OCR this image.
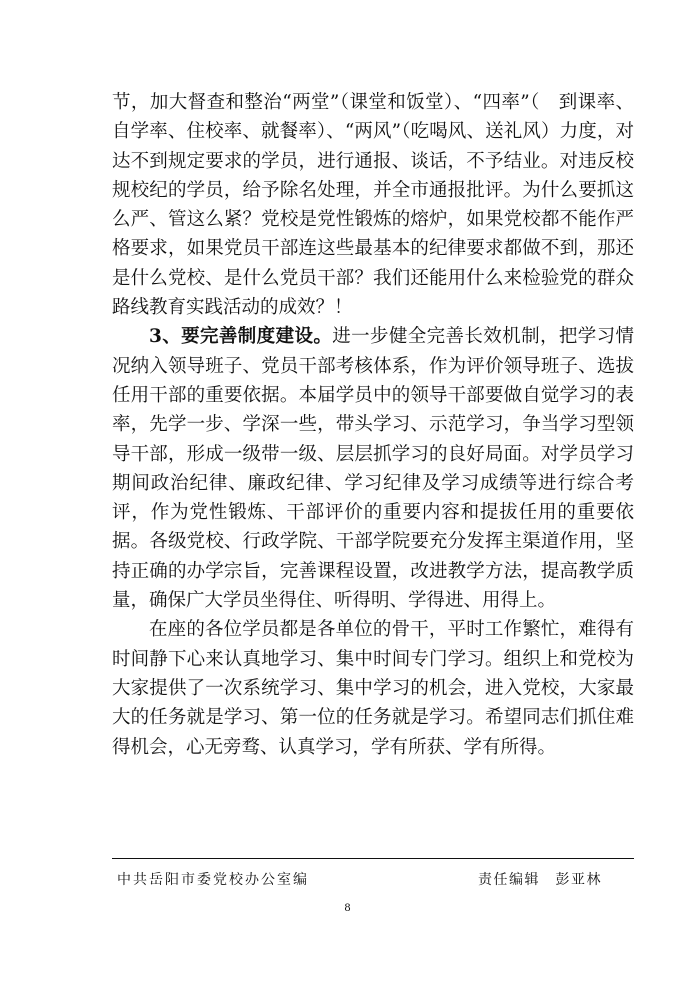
节，加大督查和整治“两堂”（课堂和饭堂）、“四率”（　到课率、自学率、住校率、就餐率）、“两风”（吃喝风、送礼风）力度，对达不到规定要求的学员，进行通报、谈话，不予结业。对违反校规校纪的学员，给予除名处理，并全市通报批评。为什么要抓这么严、管这么紧？党校是党性锻炼的熔炉，如果党校都不能作严格要求，如果党员干部连这些最基本的纪律要求都做不到，那还是什么党校、是什么党员干部？我们还能用什么来检验党的群众路线教育实践活动的成效？！

3、要完善制度建设。进一步健全完善长效机制，把学习情况纳入领导班子、党员干部考核体系，作为评价领导班子、选拔任用干部的重要依据。本届学员中的领导干部要做自觉学习的表率，先学一步、学深一些，带头学习、示范学习，争当学习型领导干部，形成一级带一级、层层抓学习的良好局面。对学员学习期间政治纪律、廉政纪律、学习纪律及学习成绩等进行综合考评，作为党性锻炼、干部评价的重要内容和提拔任用的重要依据。各级党校、行政学院、干部学院要充分发挥主渠道作用，坚持正确的办学宗旨，完善课程设置，改进教学方法，提高教学质量，确保广大学员坐得住、听得明、学得进、用得上。

在座的各位学员都是各单位的骨干，平时工作繁忙，难得有时间静下心来认真地学习、集中时间专门学习。组织上和党校为大家提供了一次系统学习、集中学习的机会，进入党校，大家最大的任务就是学习、第一位的任务就是学习。希望同志们抓住难得机会，心无旁骛、认真学习，学有所获、学有所得。

中共岳阳市委党校办公室编	责任编辑　彭亚林
8
